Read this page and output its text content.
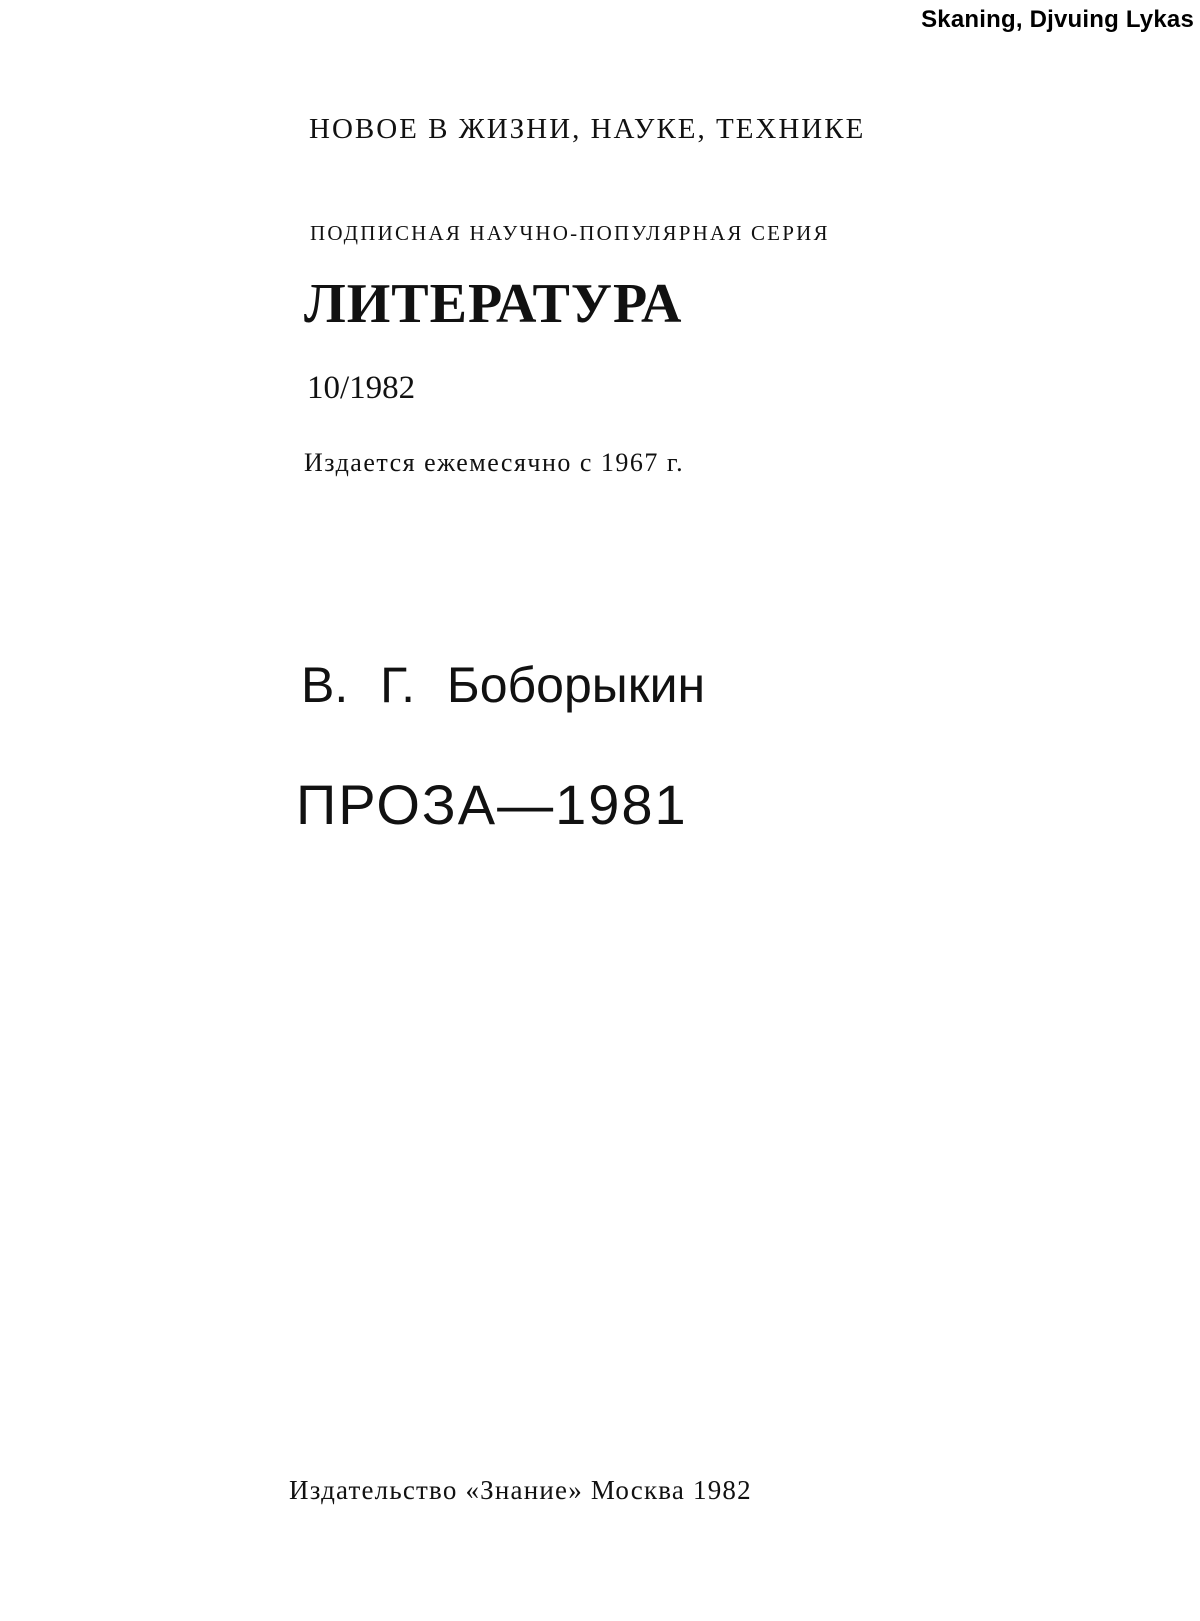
Skaning, Djvuing Lykas
НОВОЕ В ЖИЗНИ, НАУКЕ, ТЕХНИКЕ
ПОДПИСНАЯ НАУЧНО-ПОПУЛЯРНАЯ СЕРИЯ
ЛИТЕРАТУРА
10/1982
Издается ежемесячно с 1967 г.
В. Г. Боборыкин
ПРОЗА—1981
Издательство «Знание» Москва 1982
